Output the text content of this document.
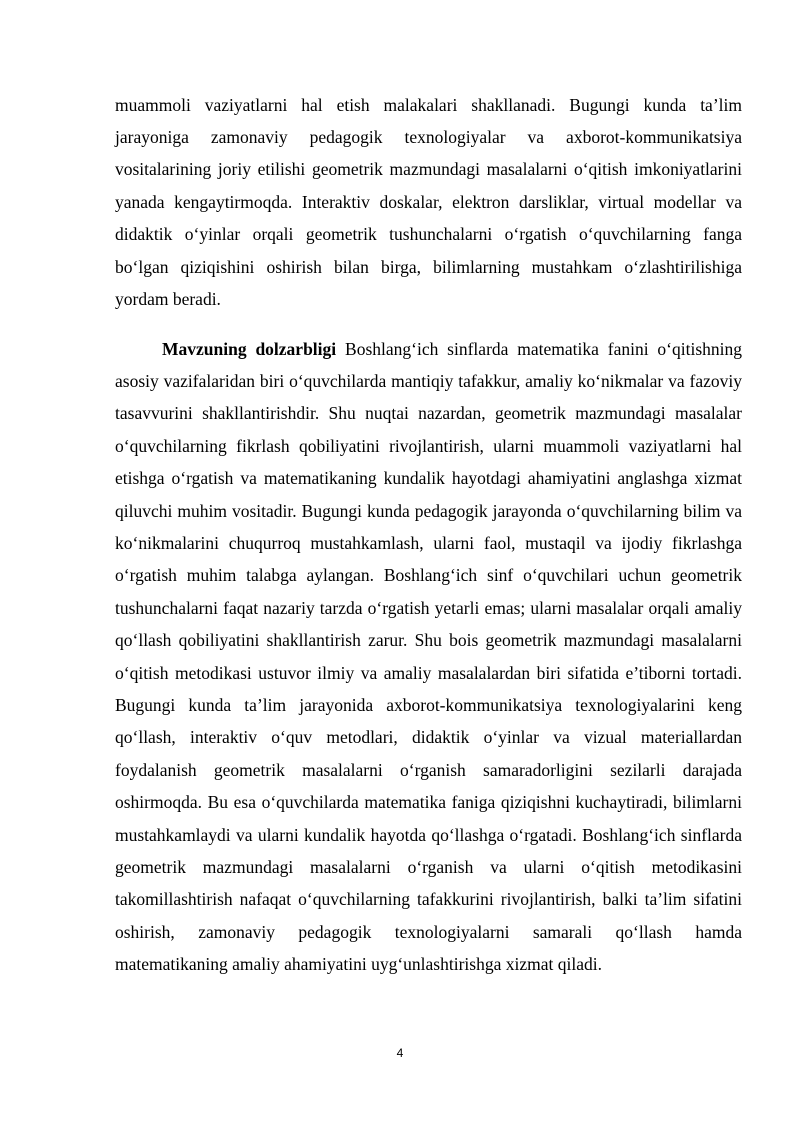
muammoli vaziyatlarni hal etish malakalari shakllanadi. Bugungi kunda ta’lim jarayoniga zamonaviy pedagogik texnologiyalar va axborot-kommunikatsiya vositalarining joriy etilishi geometrik mazmundagi masalalarni o‘qitish imkoniyatlarini yanada kengaytirmoqda. Interaktiv doskalar, elektron darsliklar, virtual modellar va didaktik o‘yinlar orqali geometrik tushunchalarni o‘rgatish o‘quvchilarning fanga bo‘lgan qiziqishini oshirish bilan birga, bilimlarning mustahkam o‘zlashtirilishiga yordam beradi.

Mavzuning dolzarbligi Boshlang‘ich sinflarda matematika fanini o‘qitishning asosiy vazifalaridan biri o‘quvchilarda mantiqiy tafakkur, amaliy ko‘nikmalar va fazoviy tasavvurini shakllantirishdir. Shu nuqtai nazardan, geometrik mazmundagi masalalar o‘quvchilarning fikrlash qobiliyatini rivojlantirish, ularni muammoli vaziyatlarni hal etishga o‘rgatish va matematikaning kundalik hayotdagi ahamiyatini anglashga xizmat qiluvchi muhim vositadir. Bugungi kunda pedagogik jarayonda o‘quvchilarning bilim va ko‘nikmalarini chuqurroq mustahkamlash, ularni faol, mustaqil va ijodiy fikrlashga o‘rgatish muhim talabga aylangan. Boshlang‘ich sinf o‘quvchilari uchun geometrik tushunchalarni faqat nazariy tarzda o‘rgatish yetarli emas; ularni masalalar orqali amaliy qo‘llash qobiliyatini shakllantirish zarur. Shu bois geometrik mazmundagi masalalarni o‘qitish metodikasi ustuvor ilmiy va amaliy masalalardan biri sifatida e’tiborni tortadi. Bugungi kunda ta’lim jarayonida axborot-kommunikatsiya texnologiyalarini keng qo‘llash, interaktiv o‘quv metodlari, didaktik o‘yinlar va vizual materiallardan foydalanish geometrik masalalarni o‘rganish samaradorligini sezilarli darajada oshirmoqda. Bu esa o‘quvchilarda matematika faniga qiziqishni kuchaytiradi, bilimlarni mustahkamlaydi va ularni kundalik hayotda qo‘llashga o‘rgatadi. Boshlang‘ich sinflarda geometrik mazmundagi masalalarni o‘rganish va ularni o‘qitish metodikasini takomillashtirish nafaqat o‘quvchilarning tafakkurini rivojlantirish, balki ta’lim sifatini oshirish, zamonaviy pedagogik texnologiyalarni samarali qo‘llash hamda matematikaning amaliy ahamiyatini uyg‘unlashtirishga xizmat qiladi.

4
